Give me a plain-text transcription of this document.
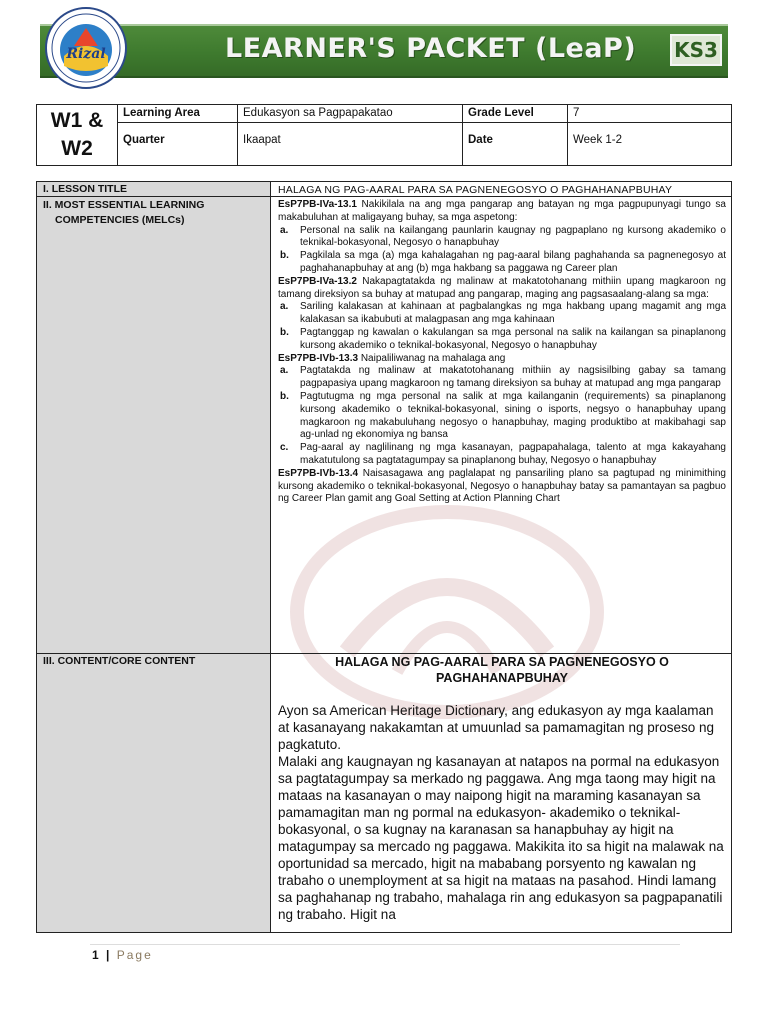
LEARNER'S PACKET (LeaP) KS3
Rizal
W1 & W2
Learning Area	Edukasyon sa Pagpapakatao	Grade Level	7
Quarter	Ikaapat	Date	Week 1-2
I. LESSON TITLE	HALAGA NG PAG-AARAL PARA SA PAGNENEGOSYO O PAGHAHANAPBUHAY
II. MOST ESSENTIAL LEARNING
COMPETENCIES (MELCs)

EsP7PB-IVa-13.1 Nakikilala na ang mga pangarap ang batayan ng mga pagpupunyagi tungo sa makabuluhan at maligayang buhay, sa mga aspetong:

a. Personal na salik na kailangang paunlarin kaugnay ng pagpaplano ng kursong akademiko o teknikal-bokasyonal, Negosyo o hanapbuhay
b. Pagkilala sa mga (a) mga kahalagahan ng pag-aaral bilang paghahanda sa pagnenegosyo at paghahanapbuhay at ang (b) mga hakbang sa paggawa ng Career plan

EsP7PB-IVa-13.2 Nakapagtatakda ng malinaw at makatotohanang mithiin upang magkaroon ng tamang direksiyon sa buhay at matupad ang pangarap, maging ang pagsasaalang-alang sa mga:

a. Sariling kalakasan at kahinaan at pagbalangkas ng mga hakbang upang magamit ang mga kalakasan sa ikabubuti at malagpasan ang mga kahinaan
b. Pagtanggap ng kawalan o kakulangan sa mga personal na salik na kailangan sa pinaplanong kursong akademiko o teknikal-bokasyonal, Negosyo o hanapbuhay

EsP7PB-IVb-13.3 Naipaliliwanag na mahalaga ang

a. Pagtatakda ng malinaw at makatotohanang mithiin ay nagsisilbing gabay sa tamang pagpapasiya upang magkaroon ng tamang direksiyon sa buhay at matupad ang mga pangarap
b. Pagtutugma ng mga personal na salik at mga kailanganin (requirements) sa pinaplanong kursong akademiko o teknikal-bokasyonal, sining o isports, negsyo o hanapbuhay upang magkaroon ng makabuluhang negosyo o hanapbuhay, maging produktibo at makibahagi sap ag-unlad ng ekonomiya ng bansa
c. Pag-aaral ay naglilinang ng mga kasanayan, pagpapahalaga, talento at mga kakayahang makatutulong sa pagtatagumpay sa pinaplanong buhay, Negosyo o hanapbuhay

EsP7PB-IVb-13.4 Naisasagawa ang paglalapat ng pansariling plano sa pagtupad ng minimithing kursong akademiko o teknikal-bokasyonal, Negosyo o hanapbuhay batay sa pamantayan sa pagbuo ng Career Plan gamit ang Goal Setting at Action Planning Chart

III. CONTENT/CORE CONTENT	HALAGA NG PAG-AARAL PARA SA PAGNENEGOSYO O
PAGHAHANAPBUHAY

Ayon sa American Heritage Dictionary, ang edukasyon ay mga kaalaman at kasanayang nakakamtan at umuunlad sa pamamagitan ng proseso ng pagkatuto.

Malaki ang kaugnayan ng kasanayan at natapos na pormal na edukasyon sa pagtatagumpay sa merkado ng paggawa. Ang mga taong may higit na mataas na kasanayan o may naipong higit na maraming kasanayan sa pamamagitan man ng pormal na edukasyon- akademiko o teknikal-bokasyonal, o sa kugnay na karanasan sa hanapbuhay ay higit na matagumpay sa mercado ng paggawa. Makikita ito sa higit na malawak na oportunidad sa mercado, higit na mababang porsyento ng kawalan ng trabaho o unemployment at sa higit na mataas na pasahod. Hindi lamang sa paghahanap ng trabaho, mahalaga rin ang edukasyon sa pagpapanatili ng trabaho. Higit na

1 | Page
